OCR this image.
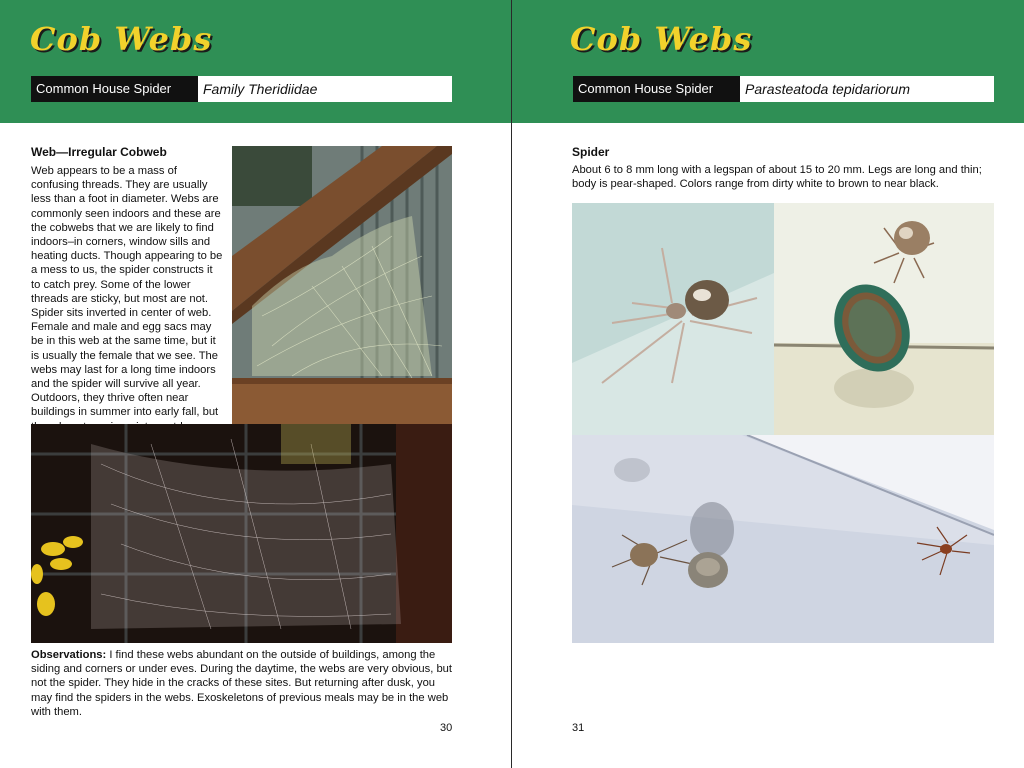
Cob Webs
Common House Spider	Family Theridiidae
Web—Irregular Cobweb
Web appears to be a mass of confusing threads. They are usually less than a foot in diameter. Webs are commonly seen indoors and these are the cobwebs that we are likely to find indoors–in corners, window sills and heating ducts. Though appearing to be a mess to us, the spider constructs it to catch prey. Some of the lower threads are sticky, but most are not. Spider sits inverted in center of web. Female and male and egg sacs may be in this web at the same time, but it is usually the female that we see. The webs may last for a long time indoors and the spider will survive all year. Outdoors, they thrive often near buildings in summer into early fall, but
Observations: I find these webs abundant on the outside of buildings, among the siding and corners or under eves. During the daytime, the webs are very obvious, but not the spider. They hide in the cracks of these sites. But returning after dusk, you may find the spiders in the webs. Exoskeletons of previous meals may be in the web with them.
30
Cob Webs
Common House Spider	Parasteatoda tepidariorum
Spider
About 6 to 8 mm long with a legspan of about 15 to 20 mm. Legs are long and thin; body is pear-shaped. Colors range from dirty white to brown to near black.
31
